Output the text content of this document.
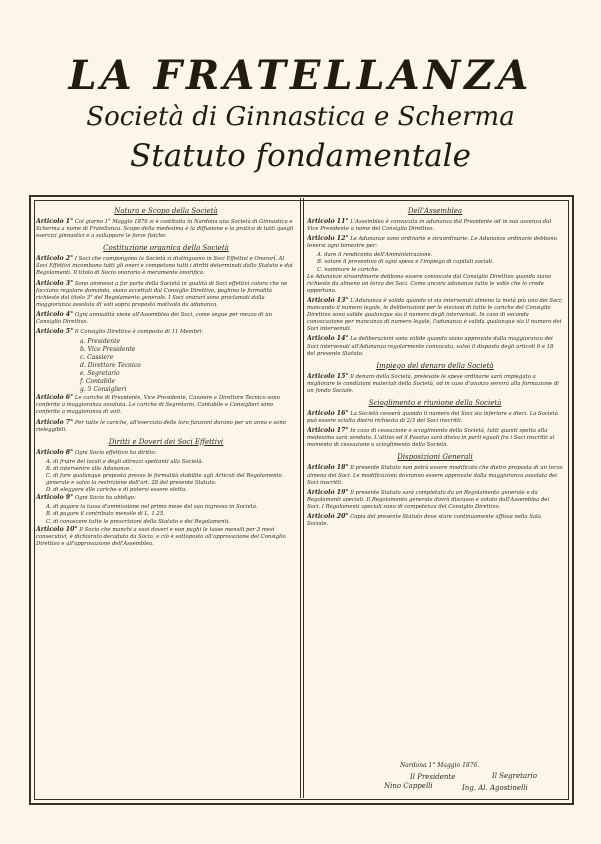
LA FRATELLANZA
Società di Ginnastica e Scherma
Statuto fondamentale
Natura e Scopo della Società
Articolo 1° Col giorno 1° Maggio 1876 si è costituita in Nardona una Società di Ginnastica e Scherma a nome di Fratellanza. Scopo della medesima è la diffusione e la pratica di tutti quegli esercizi ginnastici e a sviluppare le forze fisiche.
Costituzione organica della Società
Articolo 2° I Soci che compongono la Società si distinguono in Soci Effettivi e Onorarî. Al Soci Effettivi incombono tutti gli oneri e competono tutti i diritti determinati dallo Statuto e dai Regolamenti. Il titolo di Socio onorario è meramente onorifico.
Articolo 3° Sono ammessi a far parte della Società in qualità di Soci effettivi coloro che ne facciano regolare domanda, siano accettati dal Consiglio Direttivo, paghino le formalità richieste dal titolo 3° del Regolamento generale. I Soci onorarî sono proclamati dalla maggioranza assoluta di voti sopra proposta motivata da adunanza.
Articolo 4° Ogni annualità viene all'Assemblea dei Soci, come segue per mezzo di un Consiglio Direttivo.
Articolo 5° Il Consiglio Direttivo è composto di 11 Membri:
a. Presidente
b. Vice Presidente
c. Cassiere
d. Direttore Tecnico
e. Segretario
f. Contabile
g. 5 Consiglieri
Articolo 6° Le cariche di Presidente, Vice Presidente, Cassiere e Direttore Tecnico sono conferite a maggioranza assoluta. Le cariche di Segretario, Contabile e Consiglieri sono conferite a maggioranza di voti.
Articolo 7° Per tutte le cariche, all'esercizio delle loro funzioni durano per un anno e sono rieleggibili.
Diritti e Doveri dei Soci Effettivi
Articolo 8° Ogni Socio effettivo ha diritto:
A. di fruire dei locali e degli attrezzi spettanti alla Società.
B. di intervenire alle Adunanze.
C. di fare qualunque proposta presso le formalità stabilite agli Articoli del Regolamento generale e salvo la restrizione dell'art. 28 del presente Statuto.
D. di eleggere alle cariche e di potervi essere eletto.
Articolo 9° Ogni Socio ha obbligo:
A. di pagare la tassa d'ammissione nel primo mese del suo ingresso in Società.
B. di pagare il contributo mensile di L. 1.25.
C. di conoscere tutte le prescrizioni dello Statuto e dei Regolamenti.
Articolo 10° Il Socio che manchi a suoi doveri e non paghi le tasse mensili per 3 mesi consecutivi, è dichiarato decaduto da Socio, e ciò è sottoposto all'approvazione del Consiglio Direttivo e all'approvazione dell'Assemblea.
Dell'Assemblea
Articolo 11° L'Assemblea è convocata in adunanza dal Presidente od in sua assenza dal Vice Presidente a nome del Consiglio Direttivo.
Articolo 12° Le Adunanze sono ordinarie e straordinarie. Le Adunanze ordinarie debbono tenersi ogni bimestre per:
A. dare il rendiconto dell'Amministrazione.
B. votare il preventivo di ogni spesa e l'impiego di capitali sociali.
C. nominare le cariche.
Le Adunanze straordinarie debbono essere convocate dal Consiglio Direttivo quando siano richieste da almeno un terzo dei Soci. Come ancora adunanze tutte le volte che lo crede opportuno.
Articolo 13° L'Adunanza è valida quando vi sia intervenuti almeno la metà più uno dei Soci; mancando il numero legale, le deliberazioni per le elezioni di tutte le cariche del Consiglio Direttivo sono valide qualunque sia il numero degli intervenuti. In caso di seconda convocazione per mancanza di numero legale, l'adunanza è valida qualunque sia il numero dei Soci intervenuti.
Articolo 14° Le deliberazioni sono valide quando siano approvate dalla maggioranza dei Soci intervenuti all'Adunanza regolarmente convocata, salvo il disposto degli articoli 6 e 18 del presente Statuto.
Impiego del denaro della Società
Articolo 15° Il denaro della Società, prelevate le spese ordinarie sarà impiegato a migliorare le condizioni materiali della Società, od in caso d'avanzo servirà alla formazione di un fondo Sociale.
Scioglimento e riunione della Società
Articolo 16° La Società cesserà quando il numero dei Soci sia inferiore a dieci. La Società può essere sciolta dietro richiesta di 2/3 dei Soci inscritti.
Articolo 17° In caso di cessazione o scioglimento della Società, tutti quanti spetta alla medesima sarà venduto. L'attivo ed il Passivo sarà diviso in parti eguali fra i Soci inscritti al momento di cessazione o scioglimento della Società.
Disposizioni Generali
Articolo 18° Il presente Statuto non potrà essere modificato che dietro proposta di un terzo almeno dei Soci. Le modificazioni dovranno essere approvate dalla maggioranza assoluta dei Soci inscritti.
Articolo 19° Il presente Statuto sarà completato da un Regolamento generale e da Regolamenti speciali. Il Regolamento generale dovrà discusso e votato dall'Assemblea dei Soci. I Regolamenti speciali sono di competenza del Consiglio Direttivo.
Articolo 20° Copia del presente Statuto deve stare continuamente affissa nella Sala Sociale.
Nardona 1° Maggio 1876.
Il Presidente
Nino Cappelli
Il Segretario
Ing. Al. Agostinelli
